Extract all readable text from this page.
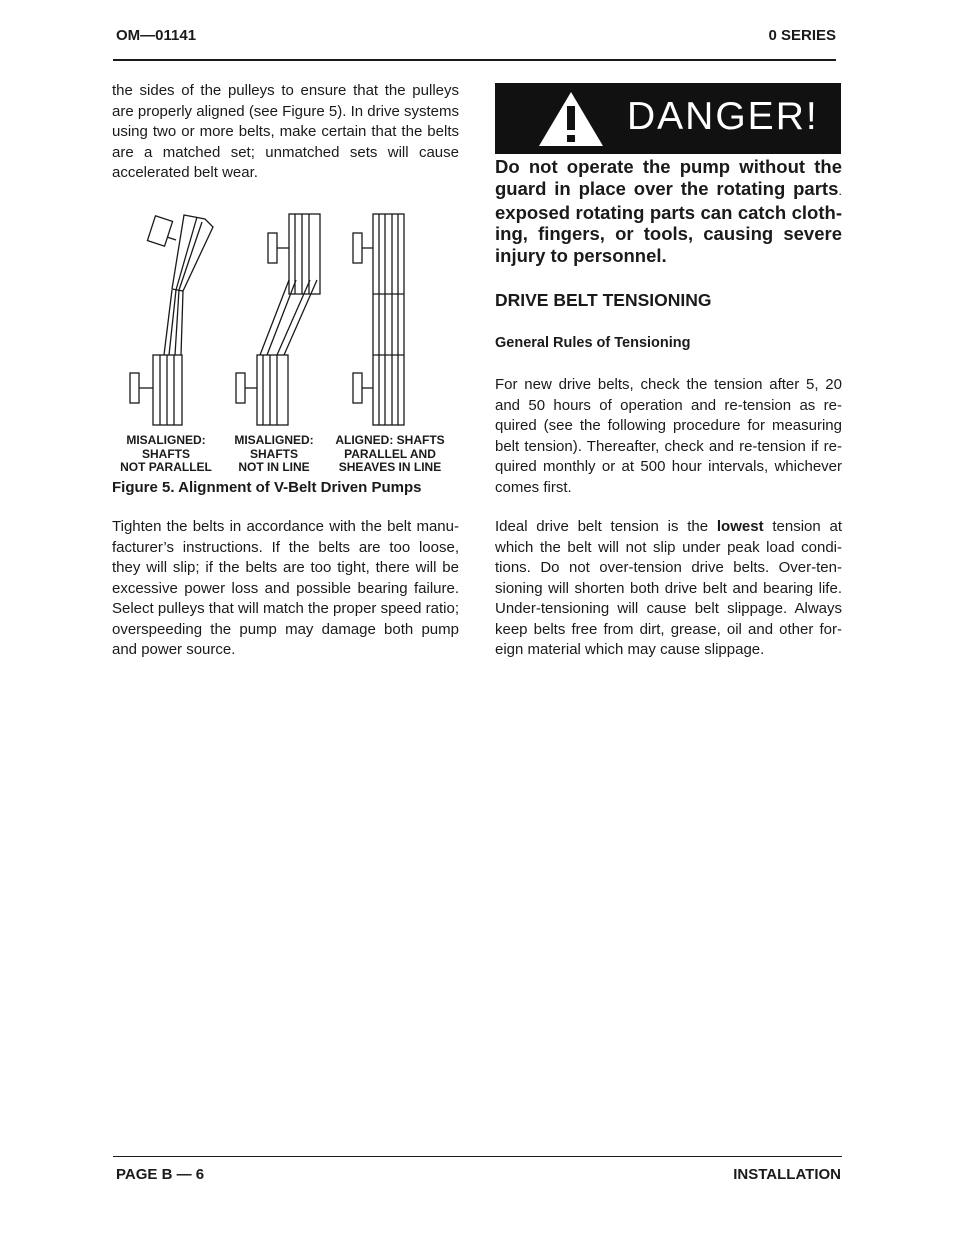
OM—01141	0 SERIES

the sides of the pulleys to ensure that the pulleys are properly aligned (see Figure 5). In drive systems using two or more belts, make certain that the belts are a matched set; unmatched sets will cause accelerated belt wear.

MISALIGNED:
SHAFTS
NOT PARALLEL
MISALIGNED:
SHAFTS
NOT IN LINE
ALIGNED: SHAFTS
PARALLEL AND
SHEAVES IN LINE
Figure 5. Alignment of V-Belt Driven Pumps

Tighten the belts in accordance with the belt manufacturer’s instructions. If the belts are too loose, they will slip; if the belts are too tight, there will be excessive power loss and possible bearing failure. Select pulleys that will match the proper speed ratio; overspeeding the pump may damage both pump and power source.

DANGER!

Do not operate the pump without the guard in place over the rotating parts. exposed rotating parts can catch clothing, fingers, or tools, causing severe injury to personnel.

DRIVE BELT TENSIONING
General Rules of Tensioning

For new drive belts, check the tension after 5, 20 and 50 hours of operation and re-tension as required (see the following procedure for measuring belt tension). Thereafter, check and re-tension if required monthly or at 500 hour intervals, whichever comes first.

Ideal drive belt tension is the lowest tension at which the belt will not slip under peak load conditions. Do not over-tension drive belts. Over-tensioning will shorten both drive belt and bearing life. Under-tensioning will cause belt slippage. Always keep belts free from dirt, grease, oil and other foreign material which may cause slippage.

PAGE B — 6	INSTALLATION
